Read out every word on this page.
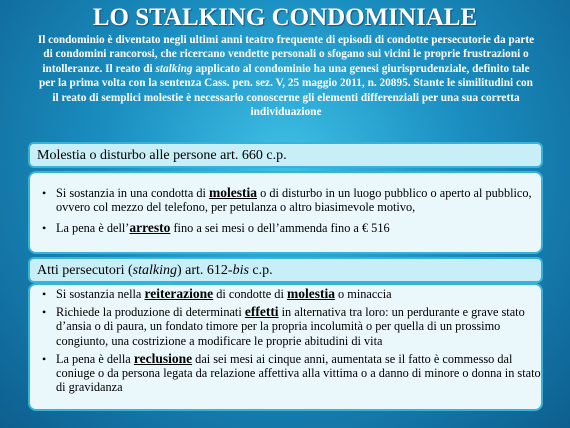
LO STALKING CONDOMINIALE
Il condominio è diventato negli ultimi anni teatro frequente di episodi di condotte persecutorie da parte di condomini rancorosi, che ricercano vendette personali o sfogano sui vicini le proprie frustrazioni o intolleranze. Il reato di stalking applicato al condominio ha una genesi giurisprudenziale, definito tale per la prima volta con la sentenza Cass. pen. sez. V, 25 maggio 2011, n. 20895. Stante le similitudini con il reato di semplici molestie è necessario conoscerne gli elementi differenziali per una sua corretta individuazione
Molestia o disturbo alle persone art. 660 c.p.
• Si sostanzia in una condotta di molestia o di disturbo in un luogo pubblico o aperto al pubblico, ovvero col mezzo del telefono, per petulanza o altro biasimevole motivo,
• La pena è dell’arresto fino a sei mesi o dell’ammenda fino a € 516
Atti persecutori (stalking) art. 612-bis c.p.
• Si sostanzia nella reiterazione di condotte di molestia o minaccia
• Richiede la produzione di determinati effetti in alternativa tra loro: un perdurante e grave stato d’ansia o di paura, un fondato timore per la propria incolumità o per quella di un prossimo congiunto, una costrizione a modificare le proprie abitudini di vita
• La pena è della reclusione dai sei mesi ai cinque anni, aumentata se il fatto è commesso dal coniuge o da persona legata da relazione affettiva alla vittima o a danno di minore o donna in stato di gravidanza
